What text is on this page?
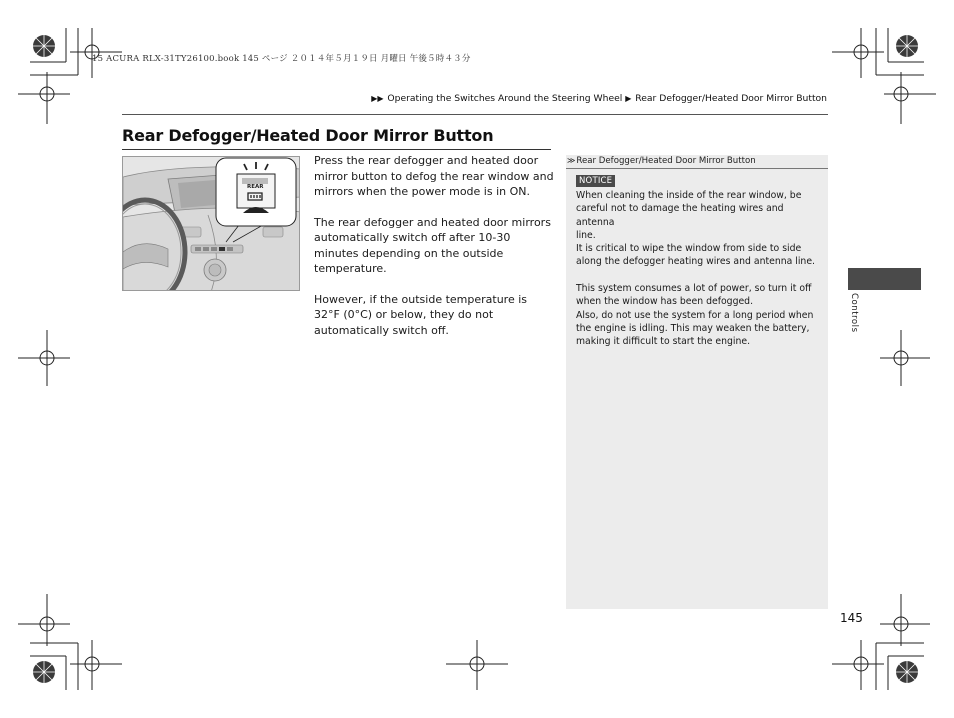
15 ACURA RLX-31TY26100.book 145 ページ ２０１４年５月１９日 月曜日 午後５時４３分
▶▶ Operating the Switches Around the Steering Wheel ▶ Rear Defogger/Heated Door Mirror Button
Rear Defogger/Heated Door Mirror Button
REAR

Press the rear defogger and heated door mirror button to defog the rear window and mirrors when the power mode is in ON.

The rear defogger and heated door mirrors automatically switch off after 10-30 minutes depending on the outside temperature.

However, if the outside temperature is 32°F (0°C) or below, they do not automatically switch off.

≫Rear Defogger/Heated Door Mirror Button
NOTICE

When cleaning the inside of the rear window, be

careful not to damage the heating wires and antenna

line.

It is critical to wipe the window from side to side

along the defogger heating wires and antenna line.

This system consumes a lot of power, so turn it off

when the window has been defogged.

Also, do not use the system for a long period when

the engine is idling. This may weaken the battery,

making it difficult to start the engine.

Controls
145
